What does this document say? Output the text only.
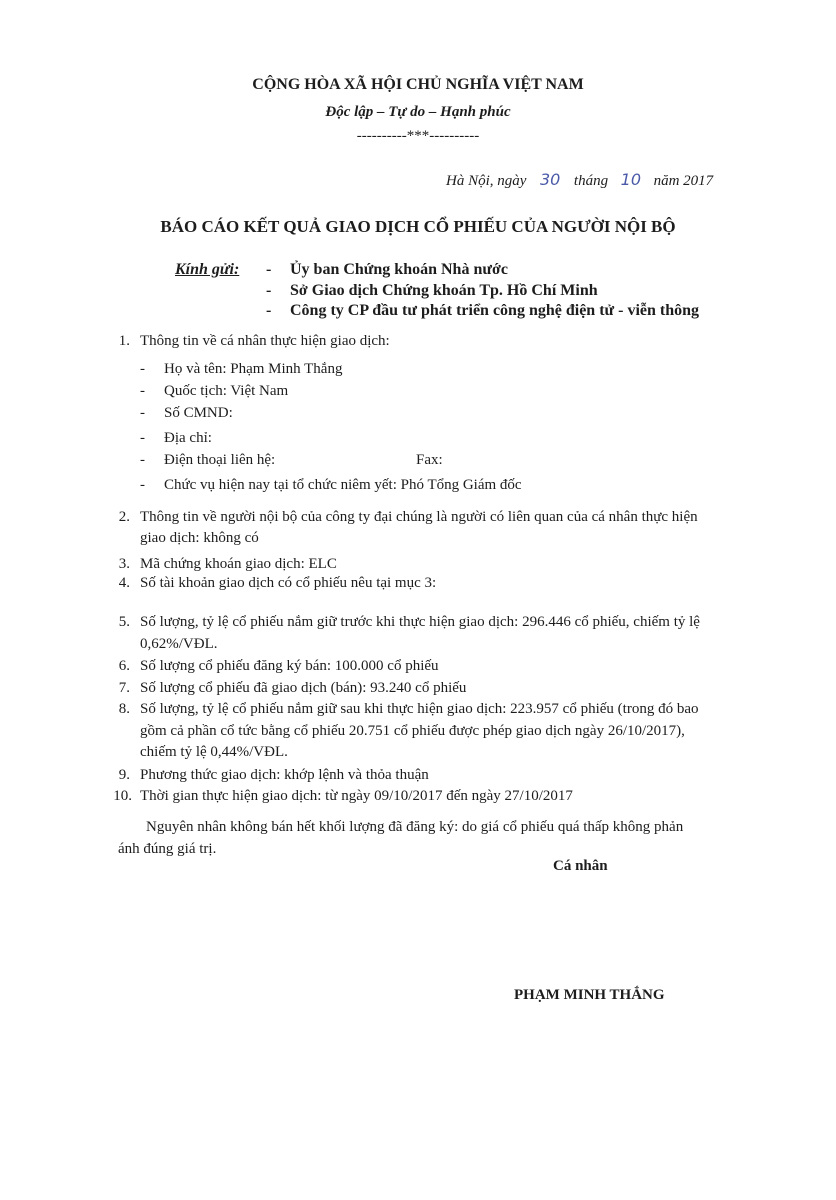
CỘNG HÒA XÃ HỘI CHỦ NGHĨA VIỆT NAM
Độc lập – Tự do – Hạnh phúc
----------***----------
Hà Nội, ngày 30 tháng 10 năm 2017
BÁO CÁO KẾT QUẢ GIAO DỊCH CỔ PHIẾU CỦA NGƯỜI NỘI BỘ
Kính gửi: - Ủy ban Chứng khoán Nhà nước
- Sở Giao dịch Chứng khoán Tp. Hồ Chí Minh
- Công ty CP đầu tư phát triển công nghệ điện tử - viễn thông
1. Thông tin về cá nhân thực hiện giao dịch:
- Họ và tên: Phạm Minh Thắng
- Quốc tịch: Việt Nam
- Số CMND:
- Địa chỉ:
- Điện thoại liên hệ:	Fax:
- Chức vụ hiện nay tại tổ chức niêm yết: Phó Tổng Giám đốc
2. Thông tin về người nội bộ của công ty đại chúng là người có liên quan của cá nhân thực hiện
giao dịch: không có
3. Mã chứng khoán giao dịch: ELC
4. Số tài khoản giao dịch có cổ phiếu nêu tại mục 3:
5. Số lượng, tỷ lệ cổ phiếu nắm giữ trước khi thực hiện giao dịch: 296.446 cổ phiếu, chiếm tỷ lệ
0,62%/VĐL.
6. Số lượng cổ phiếu đăng ký bán: 100.000 cổ phiếu
7. Số lượng cổ phiếu đã giao dịch (bán): 93.240 cổ phiếu
8. Số lượng, tỷ lệ cổ phiếu nắm giữ sau khi thực hiện giao dịch: 223.957 cổ phiếu (trong đó bao
gồm cả phần cổ tức bằng cổ phiếu 20.751 cổ phiếu được phép giao dịch ngày 26/10/2017),
chiếm tỷ lệ 0,44%/VĐL.
9. Phương thức giao dịch: khớp lệnh và thỏa thuận
10. Thời gian thực hiện giao dịch: từ ngày 09/10/2017 đến ngày 27/10/2017
Nguyên nhân không bán hết khối lượng đã đăng ký: do giá cổ phiếu quá thấp không phản
ánh đúng giá trị.
Cá nhân
PHẠM MINH THẮNG
